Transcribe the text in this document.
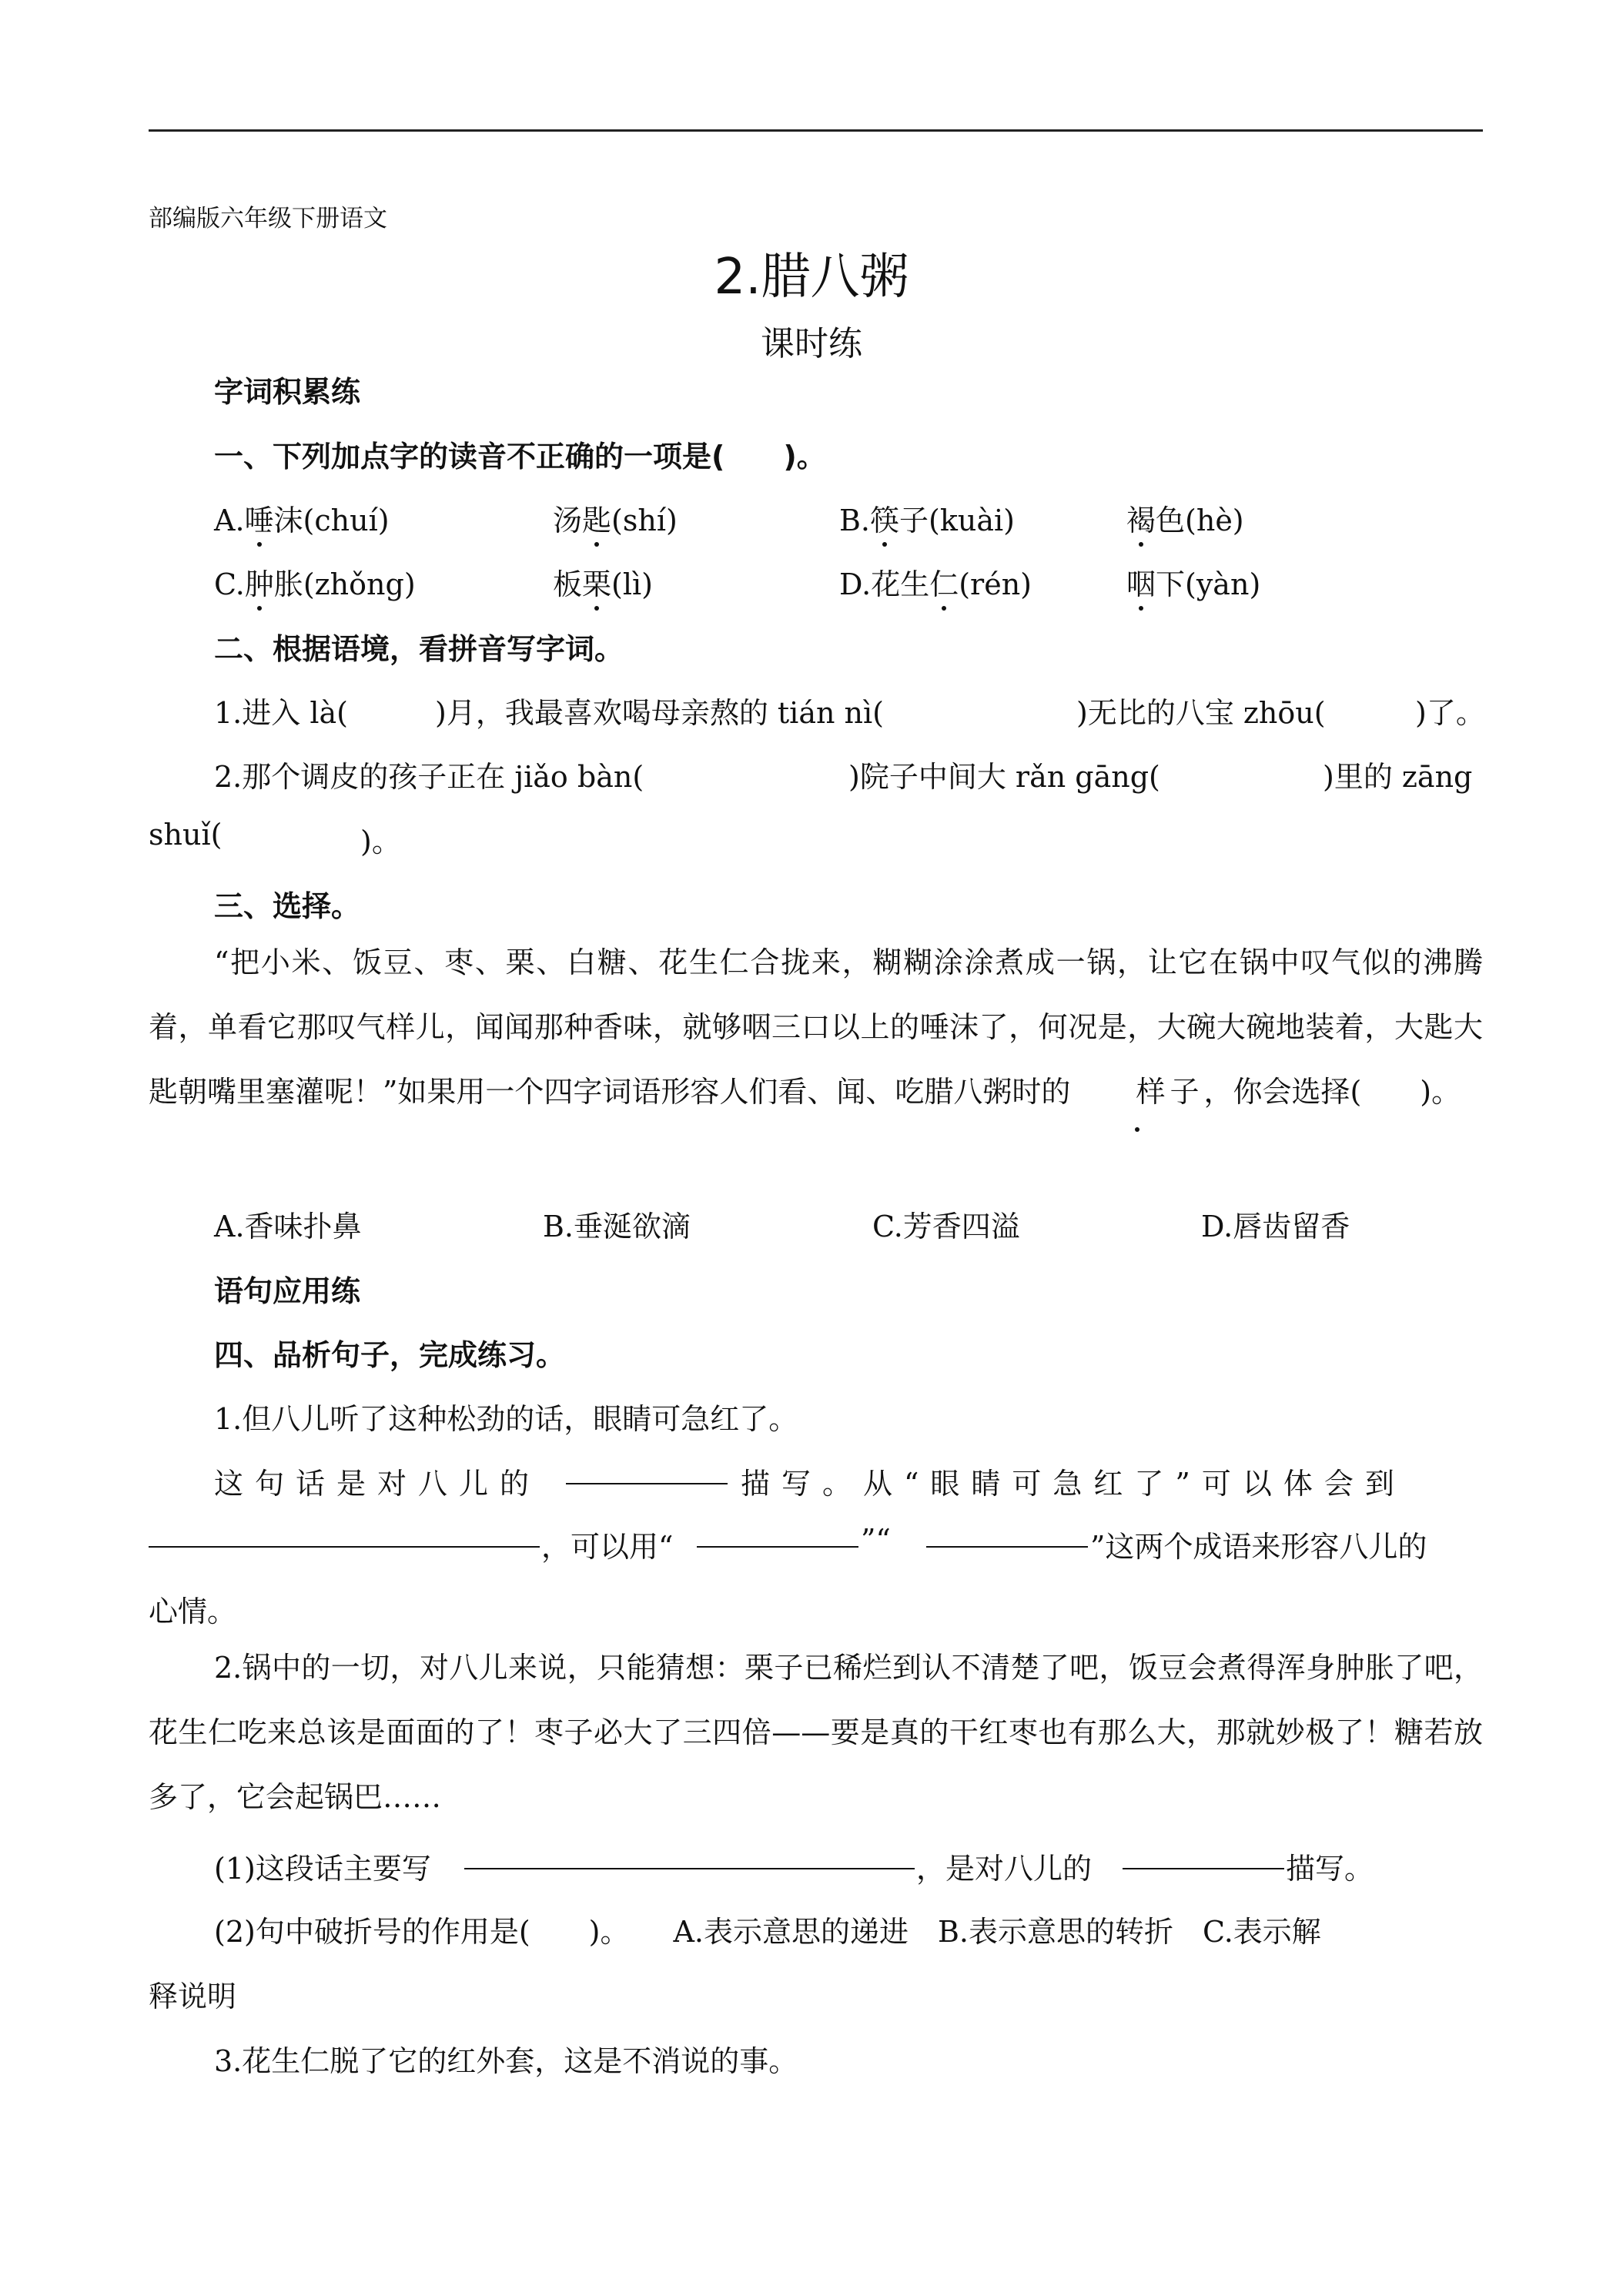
部编版六年级下册语文
2.腊八粥
课时练
字词积累练
一、下列加点字的读音不正确的一项是(　　)。
A.唾沫(chuí)	汤匙(shí)	B.筷子(kuài)	褐色(hè)
C.肿胀(zhǒng)	板栗(lì)	D.花生仁(rén)	咽下(yàn)
二、根据语境，看拼音写字词。
1.进入 là(	)月，我最喜欢喝母亲熬的 tián nì(	)无比的八宝 zhōu(	)了。
2.那个调皮的孩子正在 jiǎo bàn(	)院子中间大 rǎn gāng(	)里的 zāng
shuǐ(	)。
三、选择。
“把小米、饭豆、枣、栗、白糖、花生仁合拢来，糊糊涂涂煮成一锅，让它在锅中叹气似的沸腾着，单看它那叹气样儿，闻闻那种香味，就够咽三口以上的唾沫了，何况是，大碗大碗地装着，大匙大匙朝嘴里塞灌呢！”如果用一个四字词语形容人们看、闻、吃腊八粥时的 样子，你会选择(　　)。
A.香味扑鼻	B.垂涎欲滴	C.芳香四溢	D.唇齿留香
语句应用练
四、品析句子，完成练习。
1.但八儿听了这种松劲的话，眼睛可急红了。
这句话是对八儿的	描写。从“眼睛可急红了”可以体会到
，可以用“	”“	”这两个成语来形容八儿的
心情。
2.锅中的一切，对八儿来说，只能猜想：栗子已稀烂到认不清楚了吧，饭豆会煮得浑身肿胀了吧，花生仁吃来总该是面面的了！枣子必大了三四倍——要是真的干红枣也有那么大，那就妙极了！糖若放多了，它会起锅巴……
(1)这段话主要写	，是对八儿的	描写。
(2)句中破折号的作用是(　　)。　　A.表示意思的递进　B.表示意思的转折　C.表示解
释说明
3.花生仁脱了它的红外套，这是不消说的事。
